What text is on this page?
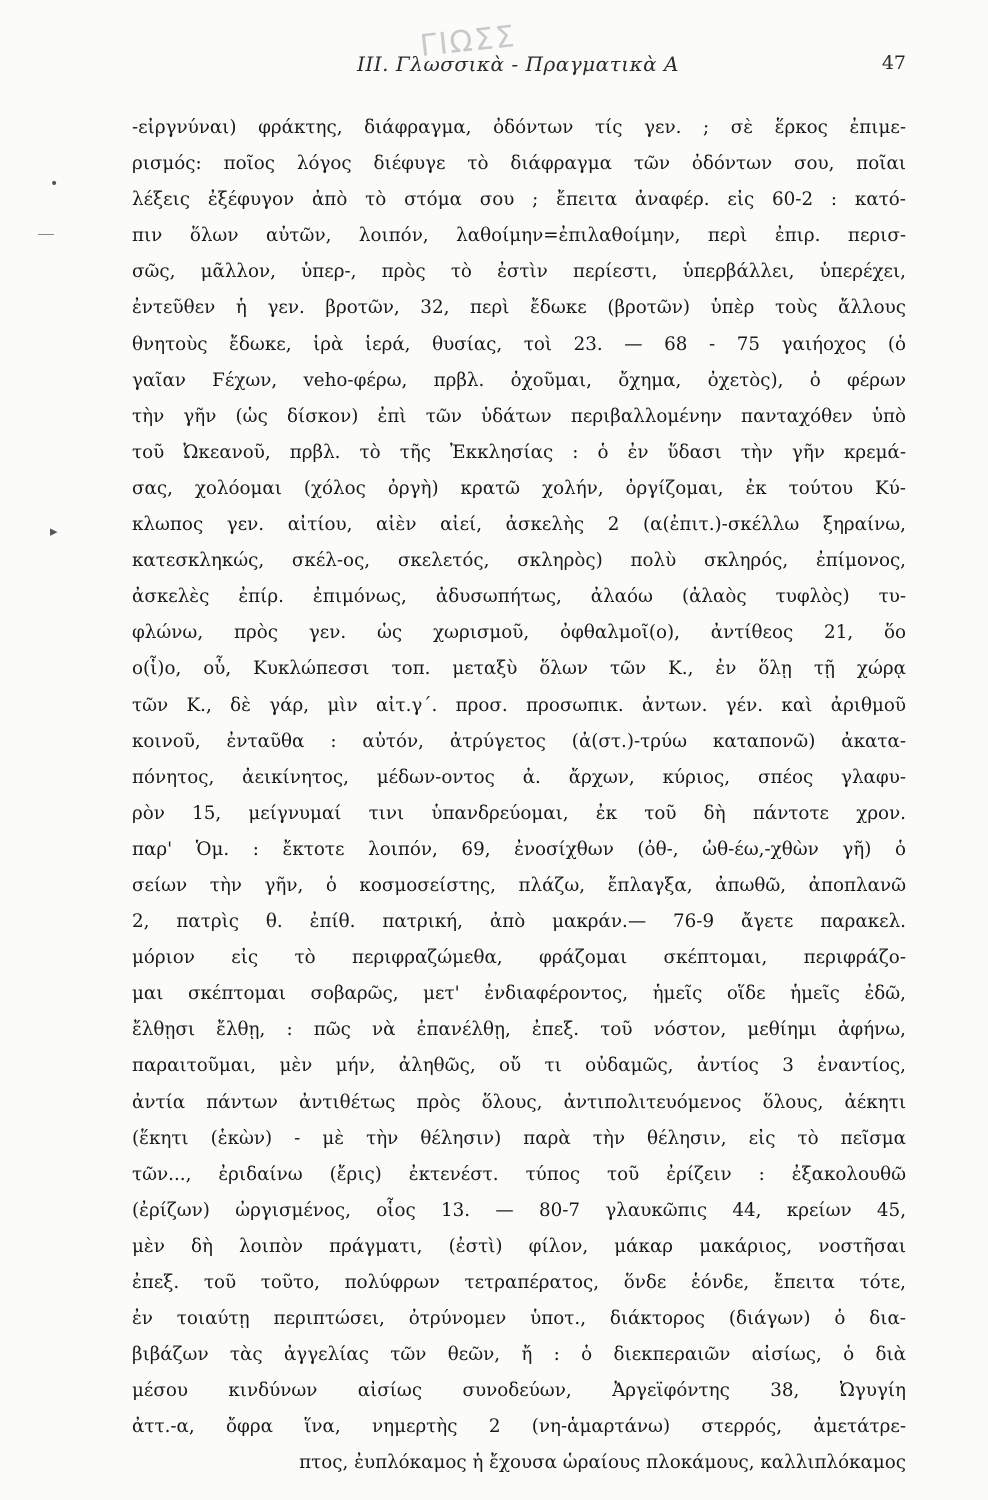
ΓΙΩΣΣ
ΙΙΙ. Γλωσσικὰ - Πραγματικὰ Α	47
•
▸
-εἰργνύναι) φράκτης, διάφραγμα, ὀδόντων τίς γεν. ; σὲ ἕρκος ἐπιμε-
ρισμός: ποῖος λόγος διέφυγε τὸ διάφραγμα τῶν ὀδόντων σου, ποῖαι
λέξεις ἐξέφυγον ἀπὸ τὸ στόμα σου ; ἔπειτα ἀναφέρ. εἰς 60-2 : κατό-
πιν ὅλων αὐτῶν, λοιπόν, λαθοίμην=ἐπιλαθοίμην, περὶ ἐπιρ. περισ-
σῶς, μᾶλλον, ὑπερ-, πρὸς τὸ ἐστὶν περίεστι, ὑπερβάλλει, ὑπερέχει,
ἐντεῦθεν ἡ γεν. βροτῶν, 32, περὶ ἔδωκε (βροτῶν) ὑπὲρ τοὺς ἄλλους
θνητοὺς ἔδωκε, ἱρὰ ἱερά, θυσίας, τοὶ 23. — 68 - 75 γαιήοχος (ὁ
γαῖαν Ϝέχων, vehο-φέρω, πρβλ. ὀχοῦμαι, ὄχημα, ὀχετὸς), ὁ φέρων
τὴν γῆν (ὡς δίσκον) ἐπὶ τῶν ὑδάτων περιβαλλομένην πανταχόθεν ὑπὸ
τοῦ Ὠκεανοῦ, πρβλ. τὸ τῆς Ἐκκλησίας : ὁ ἐν ὕδασι τὴν γῆν κρεμά-
σας, χολόομαι (χόλος ὀργὴ) κρατῶ χολήν, ὀργίζομαι, ἐκ τούτου Κύ-
κλωπος γεν. αἰτίου, αἰὲν αἰεί, ἀσκελὴς 2 (α(ἐπιτ.)-σκέλλω ξηραίνω,
κατεσκληκώς, σκέλ-ος, σκελετός, σκληρὸς) πολὺ σκληρός, ἐπίμονος,
ἀσκελὲς ἐπίρ. ἐπιμόνως, ἀδυσωπήτως, ἀλαόω (ἀλαὸς τυφλὸς) τυ-
φλώνω, πρὸς γεν. ὡς χωρισμοῦ, ὀφθαλμοῖ(ο), ἀντίθεος 21, ὅο
ο(ἷ)ο, οὗ, Κυκλώπεσσι τοπ. μεταξὺ ὅλων τῶν Κ., ἐν ὅλῃ τῇ χώρᾳ
τῶν Κ., δὲ γάρ, μὶν αἰτ.γ΄. προσ. προσωπικ. ἀντων. γέν. καὶ ἀριθμοῦ
κοινοῦ, ἐνταῦθα : αὐτόν, ἀτρύγετος (ἀ(στ.)-τρύω καταπονῶ) ἀκατα-
πόνητος, ἀεικίνητος, μέδων-οντος ἀ. ἄρχων, κύριος, σπέος γλαφυ-
ρὸν 15, μείγνυμαί τινι ὑπανδρεύομαι, ἐκ τοῦ δὴ πάντοτε χρον.
παρ' Ὁμ. : ἔκτοτε λοιπόν, 69, ἐνοσίχθων (ὀθ-, ὠθ-έω,-χθὼν γῆ) ὁ
σείων τὴν γῆν, ὁ κοσμοσείστης, πλάζω, ἔπλαγξα, ἀπωθῶ, ἀποπλανῶ
2, πατρὶς θ. ἐπίθ. πατρική, ἀπὸ μακράν.— 76-9 ἄγετε παρακελ.
μόριον εἰς τὸ περιφραζώμεθα, φράζομαι σκέπτομαι, περιφράζο-
μαι σκέπτομαι σοβαρῶς, μετ' ἐνδιαφέροντος, ἡμεῖς οἵδε ἡμεῖς ἐδῶ,
ἔλθῃσι ἔλθῃ, : πῶς νὰ ἐπανέλθῃ, ἐπεξ. τοῦ νόστον, μεθίημι ἀφήνω,
παραιτοῦμαι, μὲν μήν, ἀληθῶς, οὔ τι οὐδαμῶς, ἀντίος 3 ἐναντίος,
ἀντία πάντων ἀντιθέτως πρὸς ὅλους, ἀντιπολιτευόμενος ὅλους, ἀέκητι
(ἕκητι (ἑκὼν) - μὲ τὴν θέλησιν) παρὰ τὴν θέλησιν, εἰς τὸ πεῖσμα
τῶν..., ἐριδαίνω (ἔρις) ἐκτενέστ. τύπος τοῦ ἐρίζειν : ἐξακολουθῶ
(ἐρίζων) ὠργισμένος, οἷος 13. — 80-7 γλαυκῶπις 44, κρείων 45,
μὲν δὴ λοιπὸν πράγματι, (ἐστὶ) φίλον, μάκαρ μακάριος, νοστῆσαι
ἐπεξ. τοῦ τοῦτο, πολύφρων τετραπέρατος, ὅνδε ἑόνδε, ἔπειτα τότε,
ἐν τοιαύτῃ περιπτώσει, ὀτρύνομεν ὑποτ., διάκτορος (διάγων) ὁ δια-
βιβάζων τὰς ἀγγελίας τῶν θεῶν, ἤ : ὁ διεκπεραιῶν αἰσίως, ὁ διὰ
μέσου κινδύνων αἰσίως συνοδεύων, Ἀργεϊφόντης 38, Ὠγυγίη
ἀττ.-α, ὄφρα ἵνα, νημερτὴς 2 (νη-ἁμαρτάνω) στερρός, ἀμετάτρε-
πτος, ἐυπλόκαμος ἡ ἔχουσα ὡραίους πλοκάμους, καλλιπλόκαμος
